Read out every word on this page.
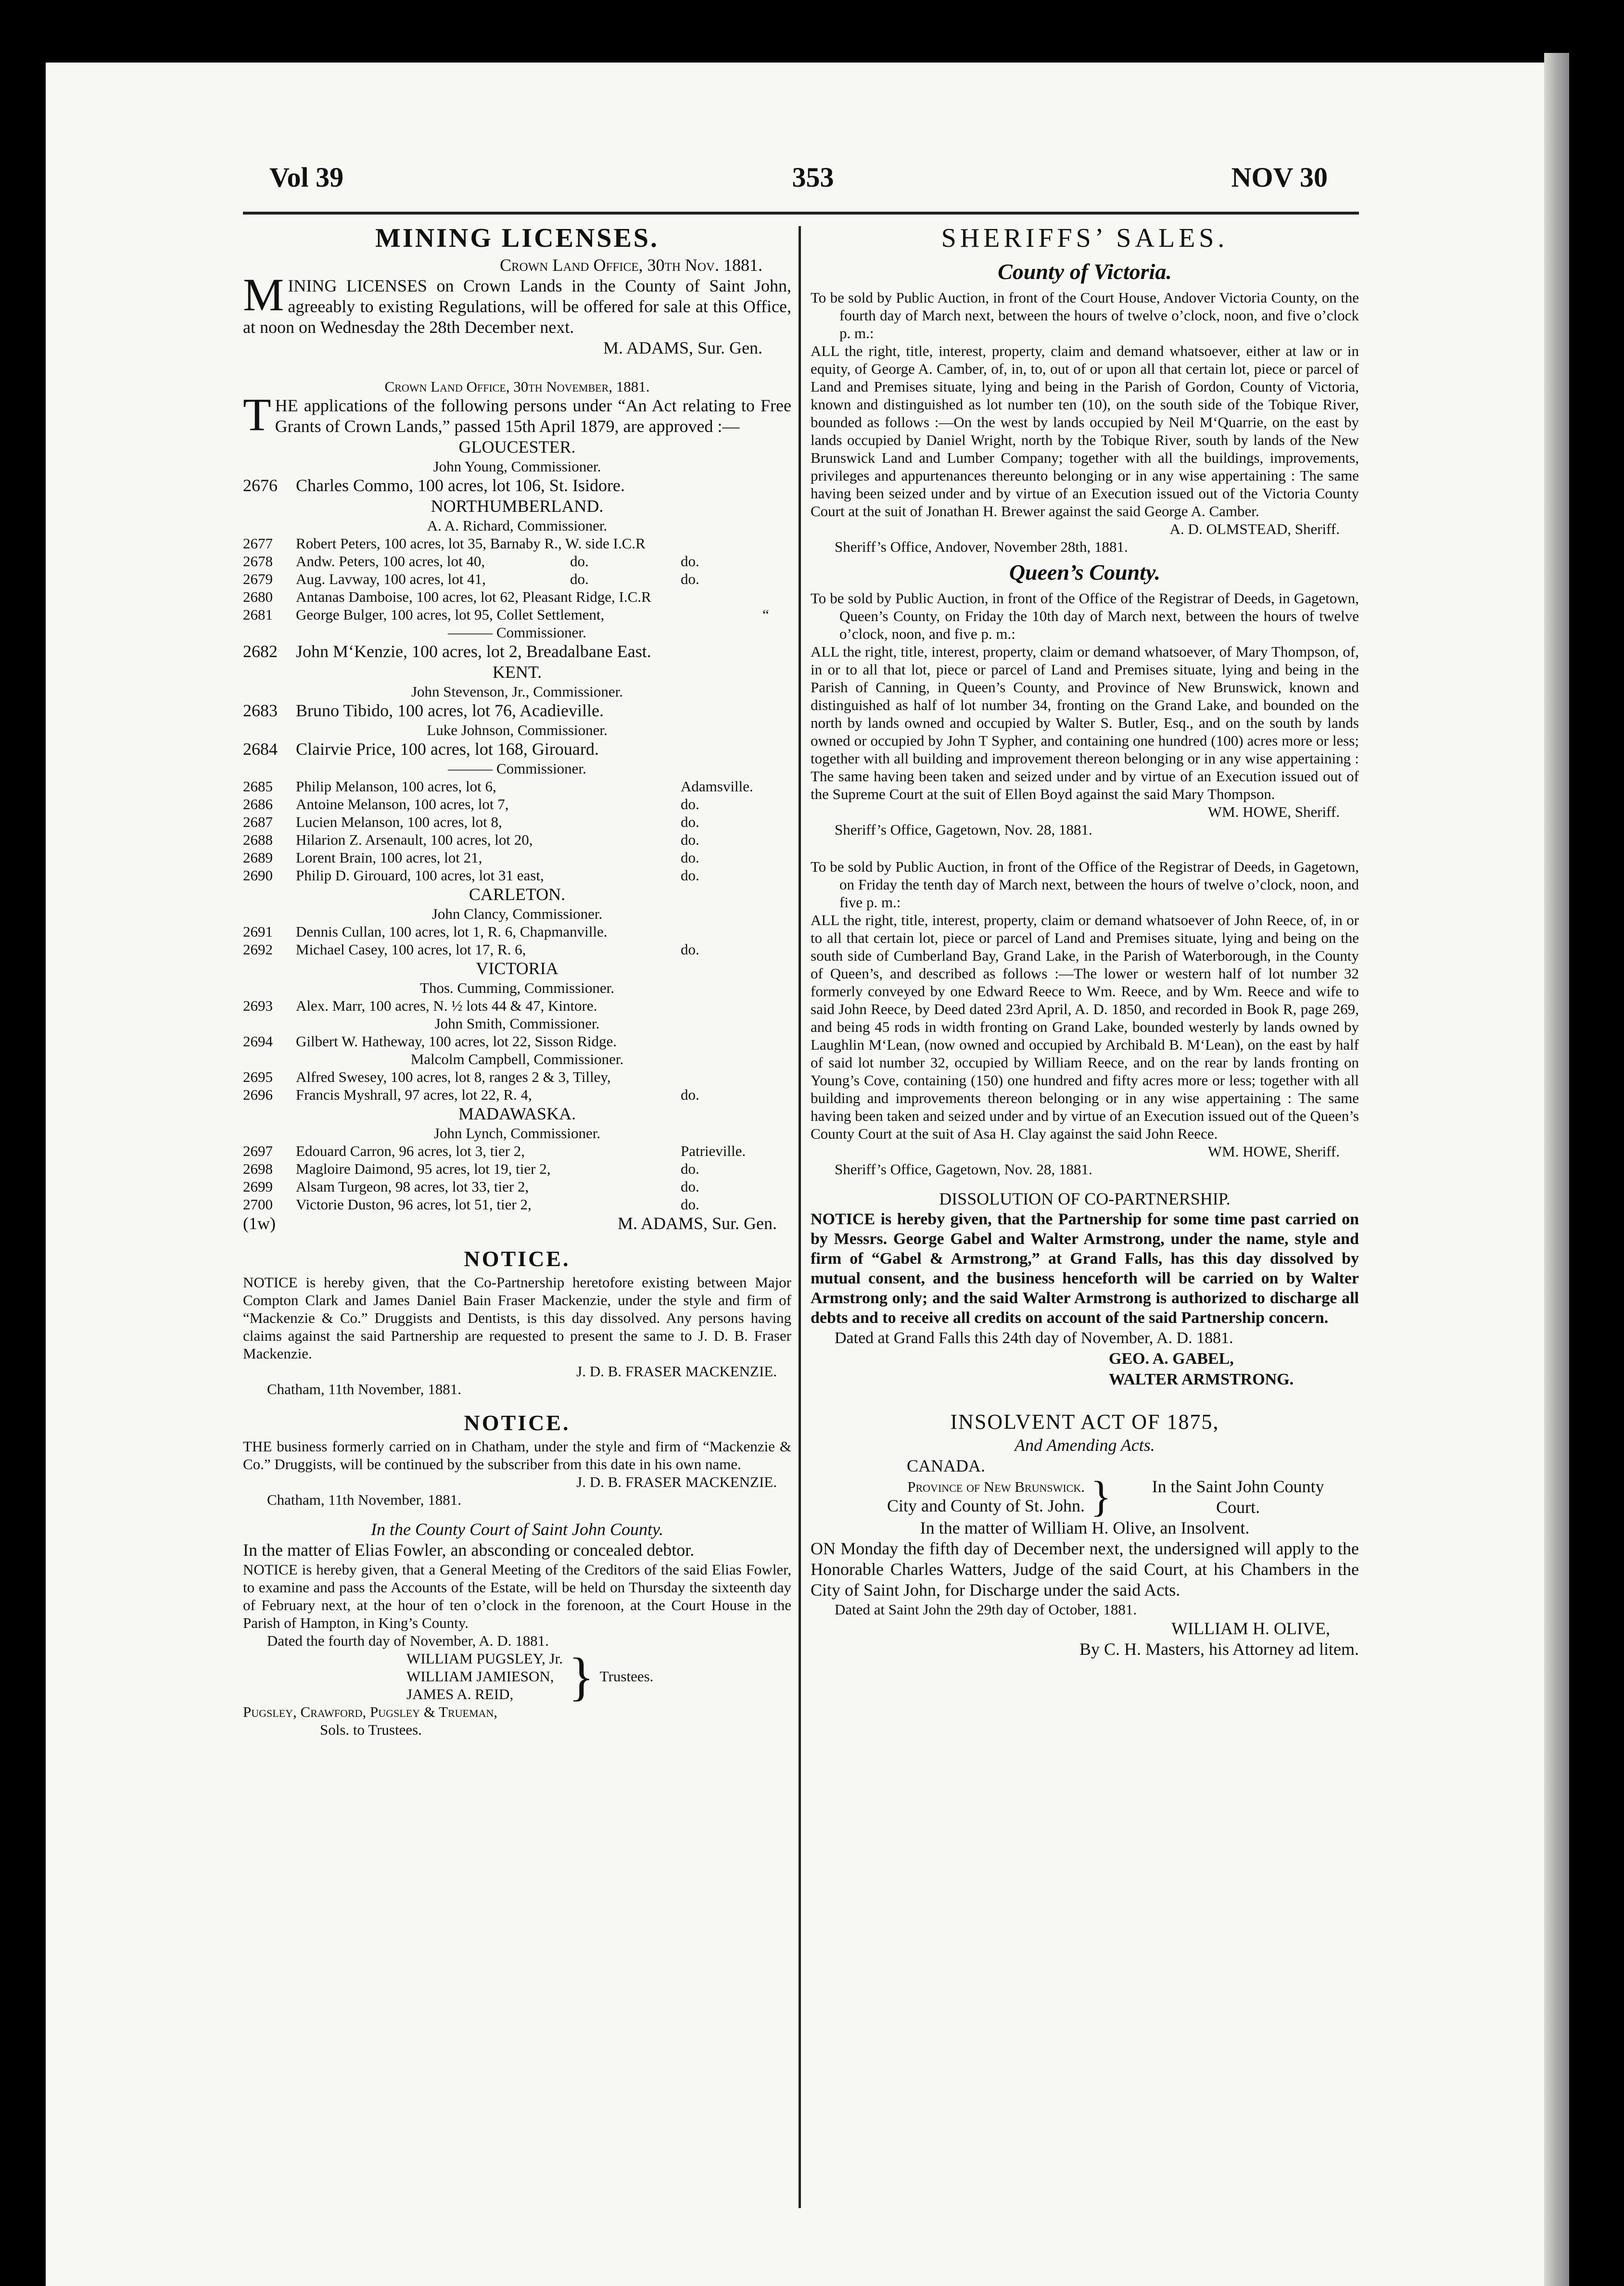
Vol 39	353	NOV 30

MINING LICENSES.

Crown Land Office, 30th Nov. 1881.

MINING LICENSES on Crown Lands in the County of Saint John, agreeably to existing Regulations, will be offered for sale at this Office, at noon on Wednesday the 28th December next.

M. ADAMS, Sur. Gen.

Crown Land Office, 30th November, 1881.

THE applications of the following persons under “An Act relating to Free Grants of Crown Lands,” passed 15th April 1879, are approved :—

GLOUCESTER.

John Young, Commissioner.

2676	Charles Commo, 100 acres, lot 106, St. Isidore.

NORTHUMBERLAND.

A. A. Richard, Commissioner.

2677	Robert Peters, 100 acres, lot 35, Barnaby R., W. side I.C.R
2678	Andw. Peters, 100 acres, lot 40,	do.	do.
2679	Aug. Lavway, 100 acres, lot 41,	do.	do.
2680	Antanas Damboise, 100 acres, lot 62, Pleasant Ridge, I.C.R
2681	George Bulger, 100 acres, lot 95, Collet Settlement,	“

——— Commissioner.

2682	John M‘Kenzie, 100 acres, lot 2, Breadalbane East.

KENT.

John Stevenson, Jr., Commissioner.

2683	Bruno Tibido, 100 acres, lot 76, Acadieville.

Luke Johnson, Commissioner.

2684	Clairvie Price, 100 acres, lot 168, Girouard.

——— Commissioner.

2685	Philip Melanson, 100 acres, lot 6,	Adamsville.
2686	Antoine Melanson, 100 acres, lot 7,	do.
2687	Lucien Melanson, 100 acres, lot 8,	do.
2688	Hilarion Z. Arsenault, 100 acres, lot 20,	do.
2689	Lorent Brain, 100 acres, lot 21,	do.
2690	Philip D. Girouard, 100 acres, lot 31 east,	do.

CARLETON.

John Clancy, Commissioner.

2691	Dennis Cullan, 100 acres, lot 1, R. 6, Chapmanville.
2692	Michael Casey, 100 acres, lot 17, R. 6,	do.

VICTORIA

Thos. Cumming, Commissioner.

2693	Alex. Marr, 100 acres, N. ½ lots 44 & 47, Kintore.

John Smith, Commissioner.

2694	Gilbert W. Hatheway, 100 acres, lot 22, Sisson Ridge.

Malcolm Campbell, Commissioner.

2695	Alfred Swesey, 100 acres, lot 8, ranges 2 & 3, Tilley,
2696	Francis Myshrall, 97 acres, lot 22, R. 4,	do.

MADAWASKA.

John Lynch, Commissioner.

2697	Edouard Carron, 96 acres, lot 3, tier 2,	Patrieville.
2698	Magloire Daimond, 95 acres, lot 19, tier 2,	do.
2699	Alsam Turgeon, 98 acres, lot 33, tier 2,	do.
2700	Victorie Duston, 96 acres, lot 51, tier 2,	do.
(1w)	M. ADAMS, Sur. Gen.

NOTICE.

NOTICE is hereby given, that the Co-Partnership heretofore existing between Major Compton Clark and James Daniel Bain Fraser Mackenzie, under the style and firm of “Mackenzie & Co.” Druggists and Dentists, is this day dissolved. Any persons having claims against the said Partnership are requested to present the same to J. D. B. Fraser Mackenzie.

J. D. B. FRASER MACKENZIE.

Chatham, 11th November, 1881.

NOTICE.

THE business formerly carried on in Chatham, under the style and firm of “Mackenzie & Co.” Druggists, will be continued by the subscriber from this date in his own name.

J. D. B. FRASER MACKENZIE.

Chatham, 11th November, 1881.

In the County Court of Saint John County.

In the matter of Elias Fowler, an absconding or concealed debtor.

NOTICE is hereby given, that a General Meeting of the Creditors of the said Elias Fowler, to examine and pass the Accounts of the Estate, will be held on Thursday the sixteenth day of February next, at the hour of ten o’clock in the forenoon, at the Court House in the Parish of Hampton, in King’s County.

Dated the fourth day of November, A. D. 1881.

WILLIAM PUGSLEY, Jr.

WILLIAM JAMIESON,

JAMES A. REID,	} Trustees.

Pugsley, Crawford, Pugsley & Trueman,

Sols. to Trustees.

SHERIFFS’ SALES.

County of Victoria.

To be sold by Public Auction, in front of the Court House, Andover Victoria County, on the fourth day of March next, between the hours of twelve o’clock, noon, and five o’clock p. m.:

ALL the right, title, interest, property, claim and demand whatsoever, either at law or in equity, of George A. Camber, of, in, to, out of or upon all that certain lot, piece or parcel of Land and Premises situate, lying and being in the Parish of Gordon, County of Victoria, known and distinguished as lot number ten (10), on the south side of the Tobique River, bounded as follows :—On the west by lands occupied by Neil M‘Quarrie, on the east by lands occupied by Daniel Wright, north by the Tobique River, south by lands of the New Brunswick Land and Lumber Company; together with all the buildings, improvements, privileges and appurtenances thereunto belonging or in any wise appertaining : The same having been seized under and by virtue of an Execution issued out of the Victoria County Court at the suit of Jonathan H. Brewer against the said George A. Camber.

A. D. OLMSTEAD, Sheriff.

Sheriff’s Office, Andover, November 28th, 1881.

Queen’s County.

To be sold by Public Auction, in front of the Office of the Registrar of Deeds, in Gagetown, Queen’s County, on Friday the 10th day of March next, between the hours of twelve o’clock, noon, and five p. m.:

ALL the right, title, interest, property, claim or demand whatsoever, of Mary Thompson, of, in or to all that lot, piece or parcel of Land and Premises situate, lying and being in the Parish of Canning, in Queen’s County, and Province of New Brunswick, known and distinguished as half of lot number 34, fronting on the Grand Lake, and bounded on the north by lands owned and occupied by Walter S. Butler, Esq., and on the south by lands owned or occupied by John T Sypher, and containing one hundred (100) acres more or less; together with all building and improvement thereon belonging or in any wise appertaining : The same having been taken and seized under and by virtue of an Execution issued out of the Supreme Court at the suit of Ellen Boyd against the said Mary Thompson.

WM. HOWE, Sheriff.

Sheriff’s Office, Gagetown, Nov. 28, 1881.

To be sold by Public Auction, in front of the Office of the Registrar of Deeds, in Gagetown, on Friday the tenth day of March next, between the hours of twelve o’clock, noon, and five p. m.:

ALL the right, title, interest, property, claim or demand whatsoever of John Reece, of, in or to all that certain lot, piece or parcel of Land and Premises situate, lying and being on the south side of Cumberland Bay, Grand Lake, in the Parish of Waterborough, in the County of Queen’s, and described as follows :—The lower or western half of lot number 32 formerly conveyed by one Edward Reece to Wm. Reece, and by Wm. Reece and wife to said John Reece, by Deed dated 23rd April, A. D. 1850, and recorded in Book R, page 269, and being 45 rods in width fronting on Grand Lake, bounded westerly by lands owned by Laughlin M‘Lean, (now owned and occupied by Archibald B. M‘Lean), on the east by half of said lot number 32, occupied by William Reece, and on the rear by lands fronting on Young’s Cove, containing (150) one hundred and fifty acres more or less; together with all building and improvements thereon belonging or in any wise appertaining : The same having been taken and seized under and by virtue of an Execution issued out of the Queen’s County Court at the suit of Asa H. Clay against the said John Reece.

WM. HOWE, Sheriff.

Sheriff’s Office, Gagetown, Nov. 28, 1881.

DISSOLUTION OF CO-PARTNERSHIP.

NOTICE is hereby given, that the Partnership for some time past carried on by Messrs. George Gabel and Walter Armstrong, under the name, style and firm of “Gabel & Armstrong,” at Grand Falls, has this day dissolved by mutual consent, and the business henceforth will be carried on by Walter Armstrong only; and the said Walter Armstrong is authorized to discharge all debts and to receive all credits on account of the said Partnership concern.

Dated at Grand Falls this 24th day of November, A. D. 1881.

GEO. A. GABEL,

WALTER ARMSTRONG.

INSOLVENT ACT OF 1875,

And Amending Acts.

CANADA.

Province of New Brunswick.

City and County of St. John. }	In the Saint John County

Court.

In the matter of William H. Olive, an Insolvent.

ON Monday the fifth day of December next, the undersigned will apply to the Honorable Charles Watters, Judge of the said Court, at his Chambers in the City of Saint John, for Discharge under the said Acts.

Dated at Saint John the 29th day of October, 1881.

WILLIAM H. OLIVE,

By C. H. Masters, his Attorney ad litem.
